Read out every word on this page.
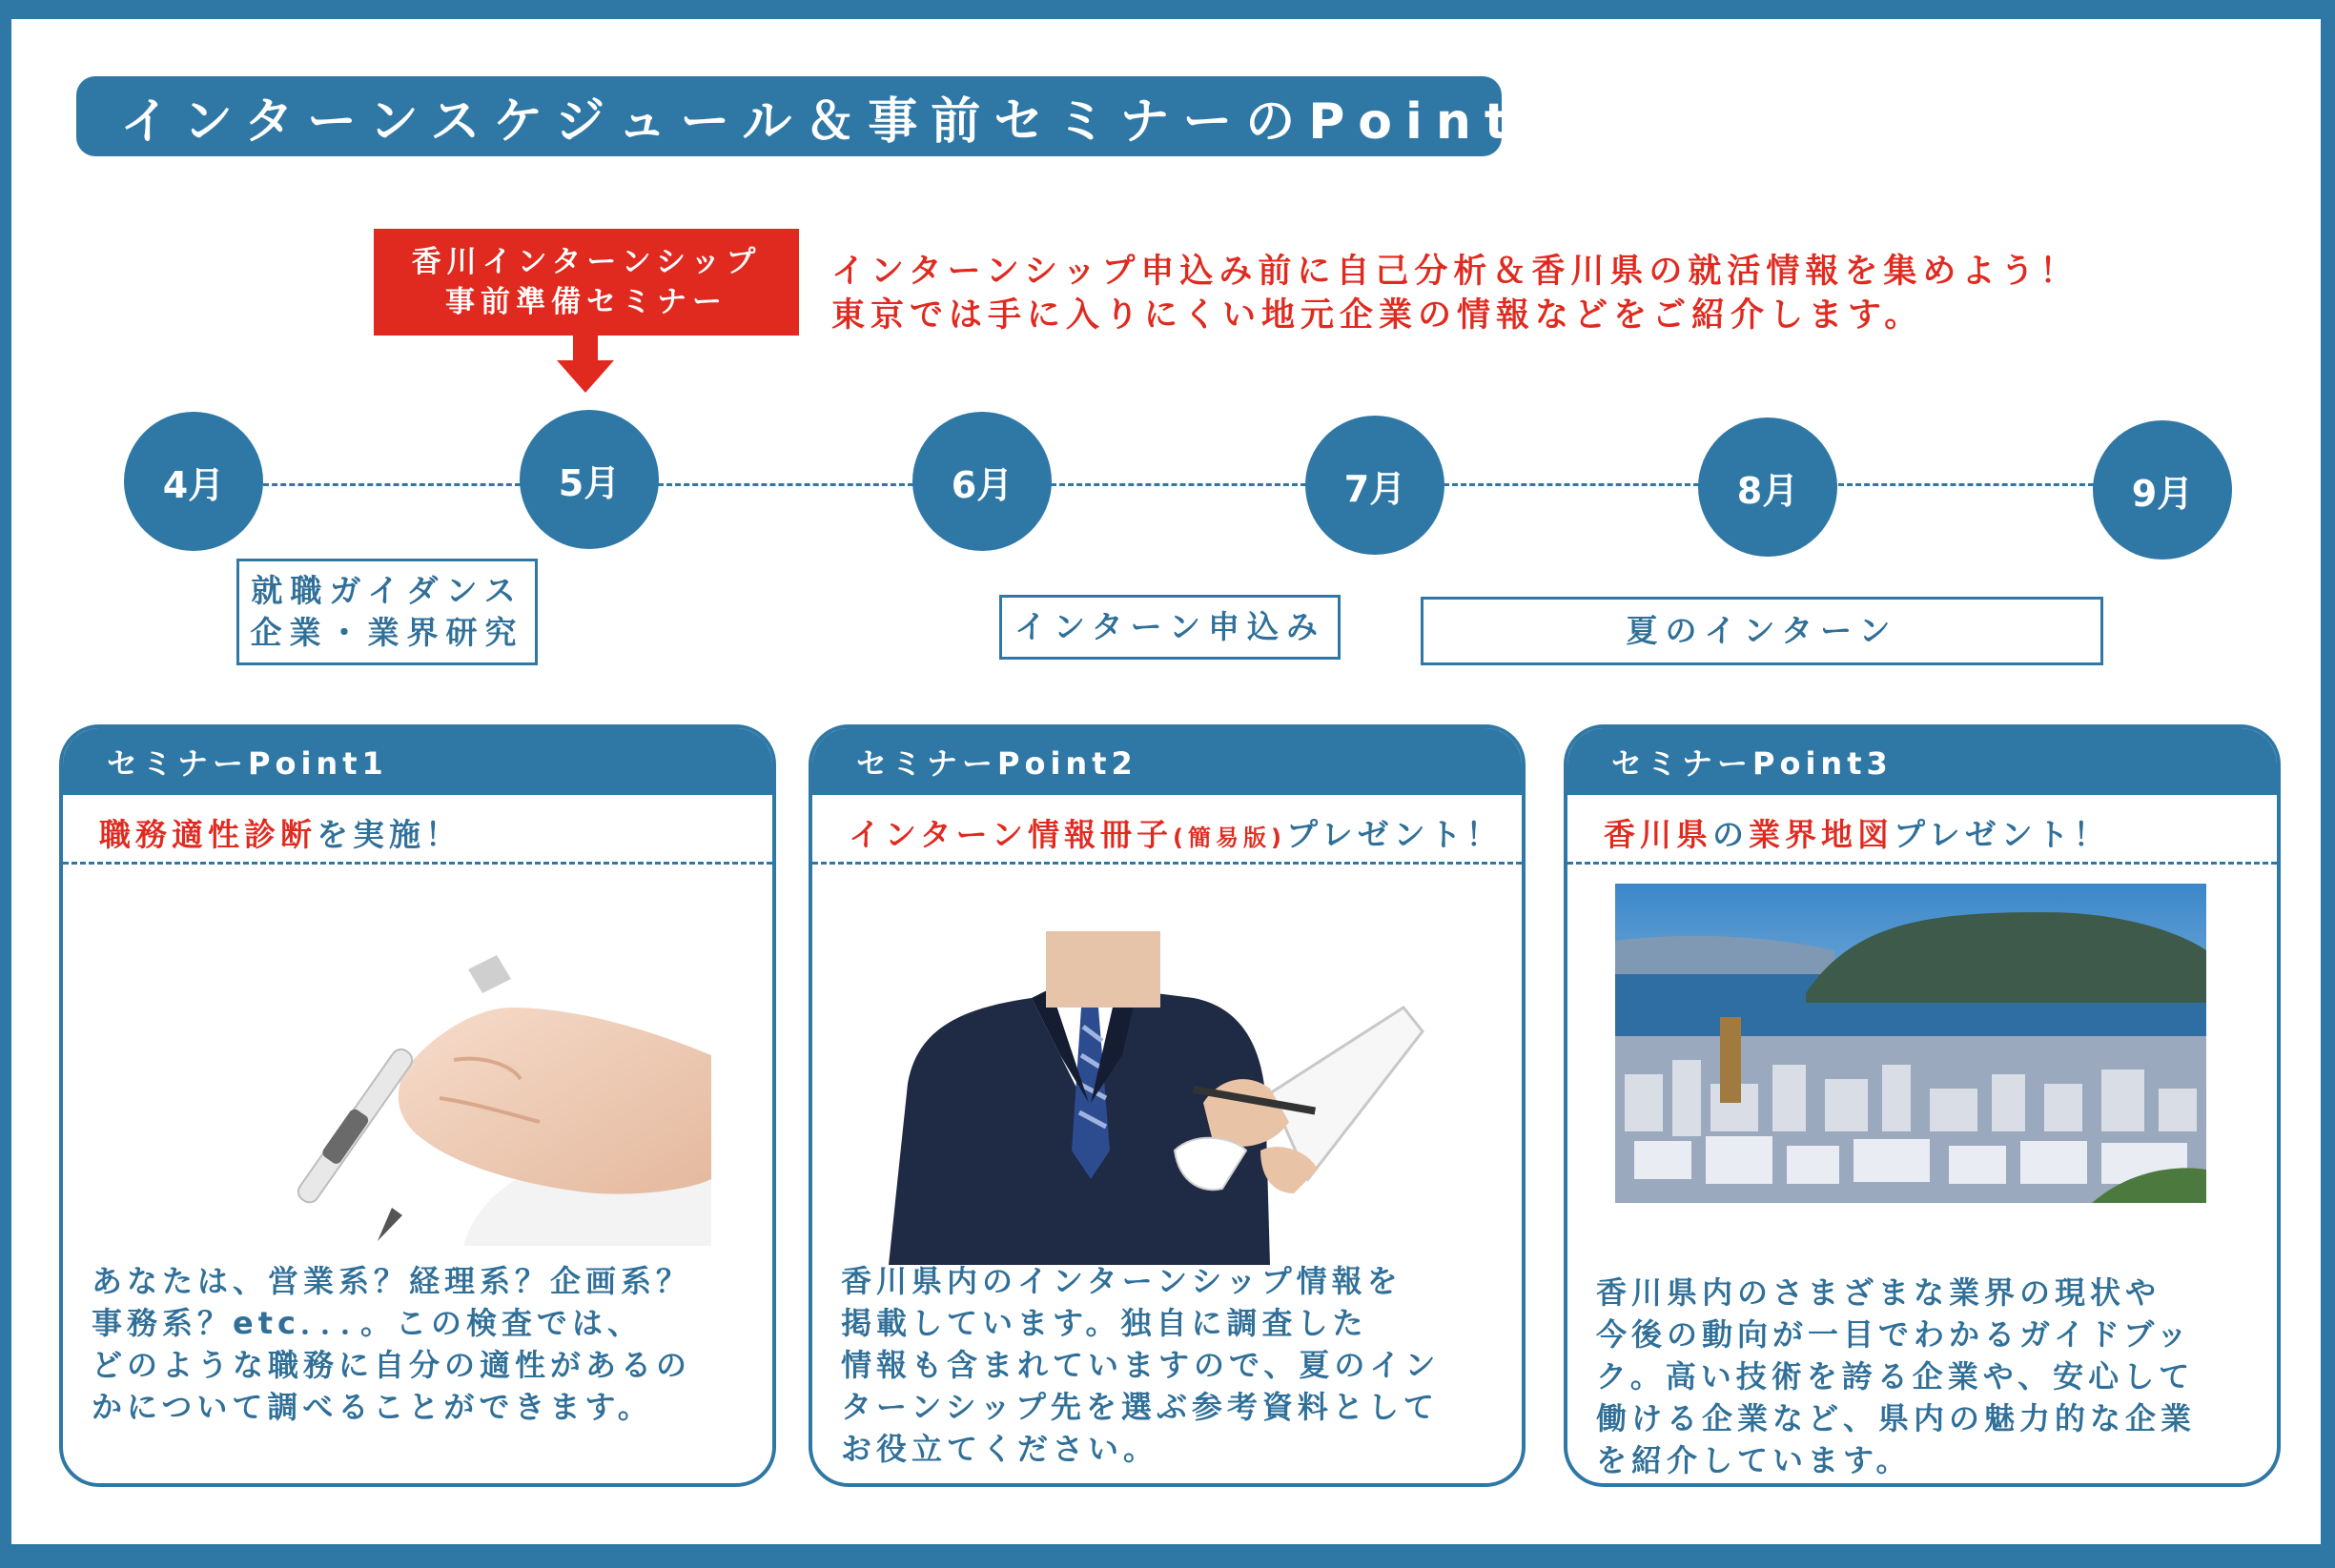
インターンスケジュール＆事前セミナーのPoint！
香川インターンシップ
事前準備セミナー
インターンシップ申込み前に自己分析＆香川県の就活情報を集めよう！
東京では手に入りにくい地元企業の情報などをご紹介します。
4月	5月	6月	7月	8月	9月
就職ガイダンス
企業・業界研究	インターン申込み	夏のインターン
セミナーPoint1
職務適性診断を実施！
あなたは、営業系？経理系？企画系？
事務系？etc．．．。この検査では、
どのような職務に自分の適性があるの
かについて調べることができます。
セミナーPoint2
インターン情報冊子(簡易版)プレゼント！
香川県内のインターンシップ情報を
掲載しています。独自に調査した
情報も含まれていますので、夏のイン
ターンシップ先を選ぶ参考資料として
お役立てください。
セミナーPoint3
香川県の業界地図プレゼント！
香川県内のさまざまな業界の現状や
今後の動向が一目でわかるガイドブッ
ク。高い技術を誇る企業や、安心して
働ける企業など、県内の魅力的な企業
を紹介しています。
